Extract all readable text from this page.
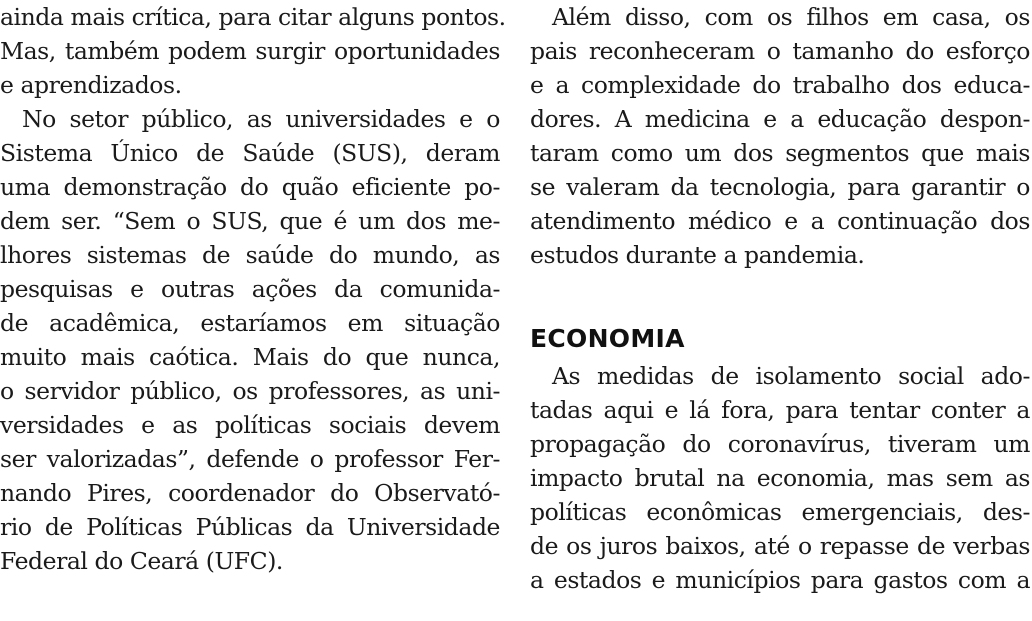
ainda mais crítica, para citar alguns pontos.
Mas, também podem surgir oportunidades
e aprendizados.
No setor público, as universidades e o
Sistema Único de Saúde (SUS), deram
uma demonstração do quão eficiente po-
dem ser. “Sem o SUS, que é um dos me-
lhores sistemas de saúde do mundo, as
pesquisas e outras ações da comunida-
de acadêmica, estaríamos em situação
muito mais caótica. Mais do que nunca,
o servidor público, os professores, as uni-
versidades e as políticas sociais devem
ser valorizadas”, defende o professor Fer-
nando Pires, coordenador do Observató-
rio de Políticas Públicas da Universidade
Federal do Ceará (UFC).
Além disso, com os filhos em casa, os
pais reconheceram o tamanho do esforço
e a complexidade do trabalho dos educa-
dores. A medicina e a educação despon-
taram como um dos segmentos que mais
se valeram da tecnologia, para garantir o
atendimento médico e a continuação dos
estudos durante a pandemia.
ECONOMIA
As medidas de isolamento social ado-
tadas aqui e lá fora, para tentar conter a
propagação do coronavírus, tiveram um
impacto brutal na economia, mas sem as
políticas econômicas emergenciais, des-
de os juros baixos, até o repasse de verbas
a estados e municípios para gastos com a
